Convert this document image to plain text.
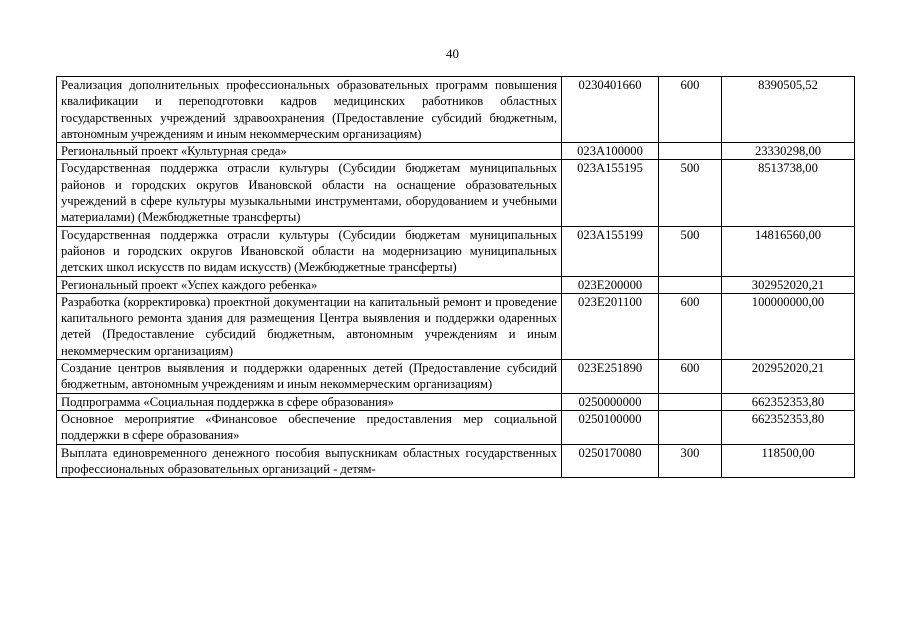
40
Реализация дополнительных профессиональных образовательных программ повышения квалификации и переподготовки кадров медицинских работников областных государственных учреждений здравоохранения (Предоставление субсидий бюджетным, автономным учреждениям и иным некоммерческим организациям)	0230401660	600	8390505,52
Региональный проект «Культурная среда»	023A100000		23330298,00
Государственная поддержка отрасли культуры (Субсидии бюджетам муниципальных районов и городских округов Ивановской области на оснащение образовательных учреждений в сфере культуры музыкальными инструментами, оборудованием и учебными материалами) (Межбюджетные трансферты)	023A155195	500	8513738,00
Государственная поддержка отрасли культуры (Субсидии бюджетам муниципальных районов и городских округов Ивановской области на модернизацию муниципальных детских школ искусств по видам искусств) (Межбюджетные трансферты)	023A155199	500	14816560,00
Региональный проект «Успех каждого ребенка»	023E200000		302952020,21
Разработка (корректировка) проектной документации на капитальный ремонт и проведение капитального ремонта здания для размещения Центра выявления и поддержки одаренных детей (Предоставление субсидий бюджетным, автономным учреждениям и иным некоммерческим организациям)	023E201100	600	100000000,00
Создание центров выявления и поддержки одаренных детей (Предоставление субсидий бюджетным, автономным учреждениям и иным некоммерческим организациям)	023E251890	600	202952020,21
Подпрограмма «Социальная поддержка в сфере образования»	0250000000		662352353,80
Основное мероприятие «Финансовое обеспечение предоставления мер социальной поддержки в сфере образования»	0250100000		662352353,80
Выплата единовременного денежного пособия выпускникам областных государственных профессиональных образовательных организаций - детям-	0250170080	300	118500,00
